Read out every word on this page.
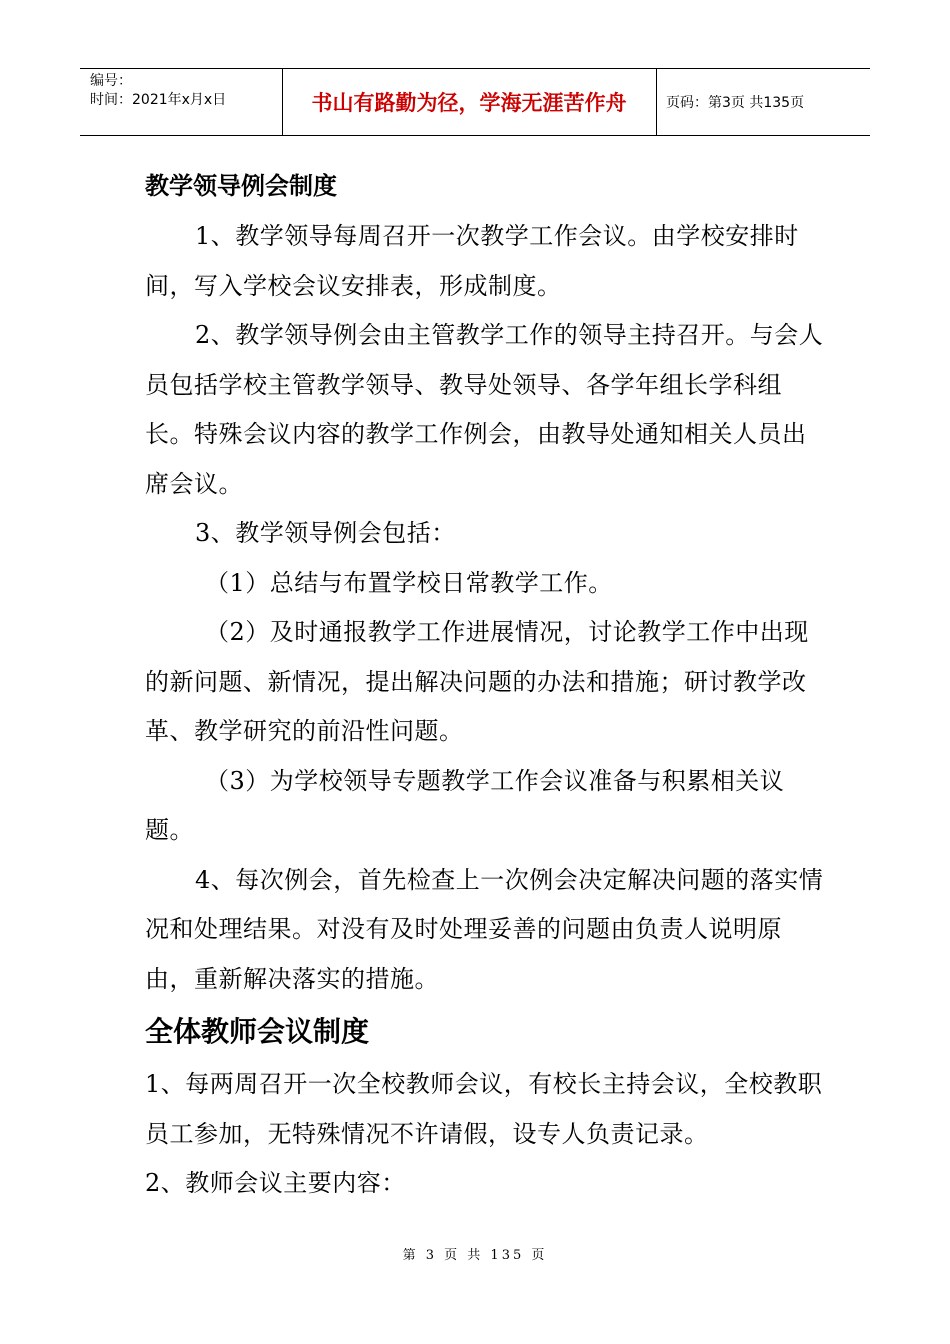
编号：
时间：2021年x月x日	书山有路勤为径，学海无涯苦作舟	页码：第3页 共135页
教学领导例会制度

1、教学领导每周召开一次教学工作会议。由学校安排时间，写入学校会议安排表，形成制度。

2、教学领导例会由主管教学工作的领导主持召开。与会人员包括学校主管教学领导、教导处领导、各学年组长学科组长。特殊会议内容的教学工作例会，由教导处通知相关人员出席会议。

3、教学领导例会包括：

（1）总结与布置学校日常教学工作。

（2）及时通报教学工作进展情况，讨论教学工作中出现的新问题、新情况，提出解决问题的办法和措施；研讨教学改革、教学研究的前沿性问题。

（3）为学校领导专题教学工作会议准备与积累相关议题。

4、每次例会，首先检查上一次例会决定解决问题的落实情况和处理结果。对没有及时处理妥善的问题由负责人说明原由，重新解决落实的措施。

全体教师会议制度

1、每两周召开一次全校教师会议，有校长主持会议，全校教职员工参加，无特殊情况不许请假，设专人负责记录。

2、教师会议主要内容：

第 3 页 共 135 页
